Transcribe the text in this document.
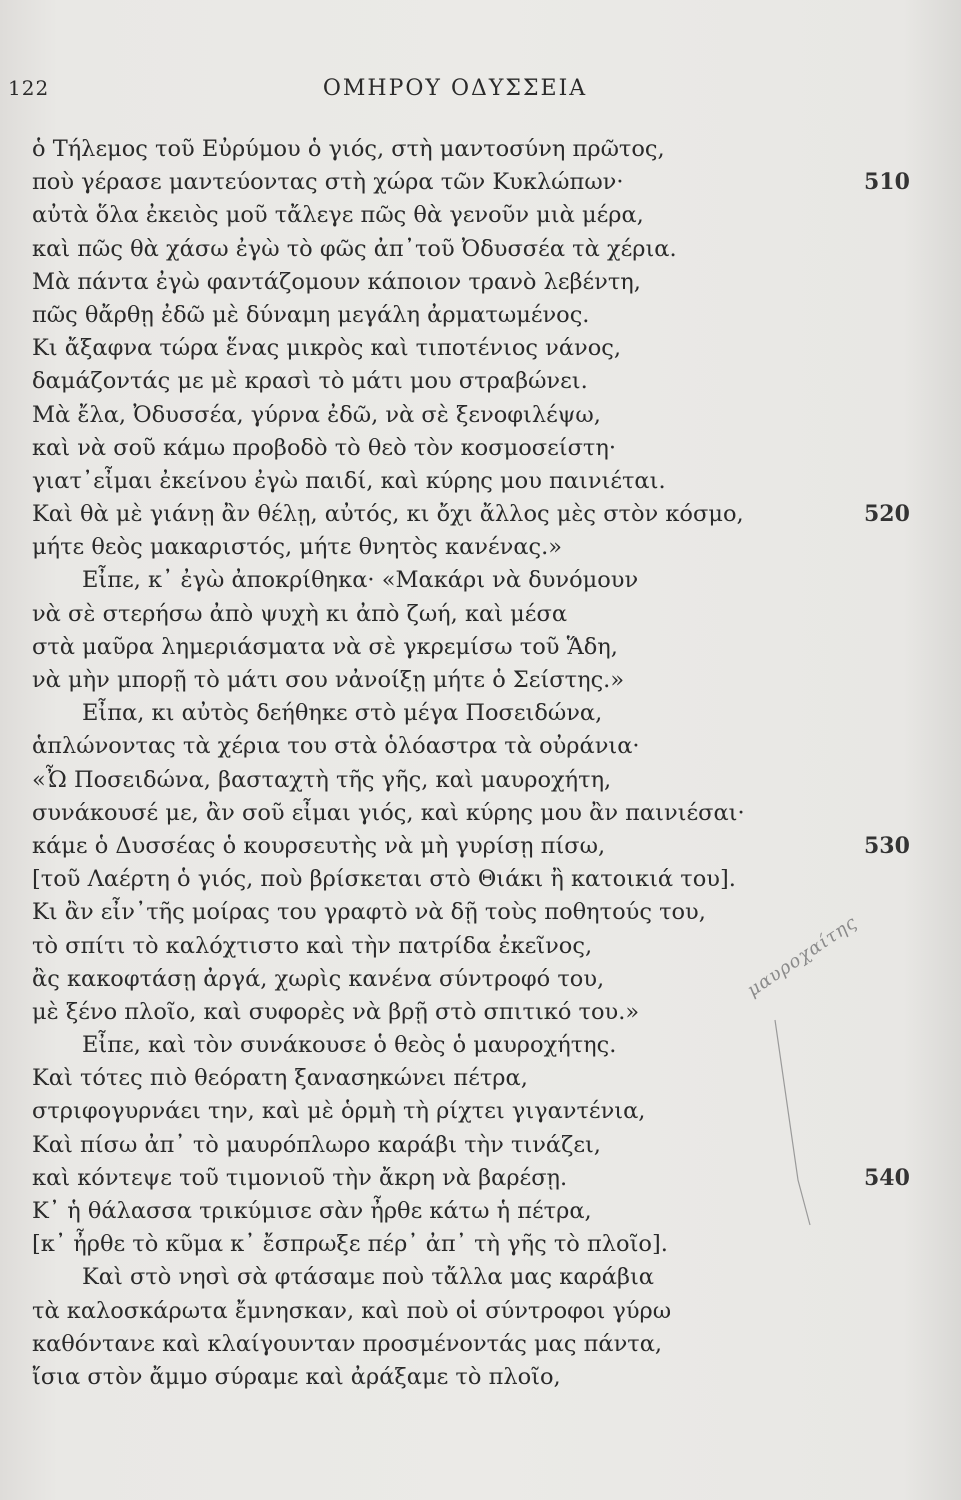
122	ΟΜΗΡΟΥ ΟΔΥΣΣΕΙΑ
ὁ Τήλεμος τοῦ Εὐρύμου ὁ γιός, στὴ μαντοσύνη πρῶτος,
ποὺ γέρασε μαντεύοντας στὴ χώρα τῶν Κυκλώπων·	510
αὐτὰ ὅλα ἐκειὸς μοῦ τἄλεγε πῶς θὰ γενοῦν μιὰ μέρα,
καὶ πῶς θὰ χάσω ἐγὼ τὸ φῶς ἀπ᾽τοῦ Ὀδυσσέα τὰ χέρια.
Μὰ πάντα ἐγὼ φαντάζομουν κάποιον τρανὸ λεβέντη,
πῶς θἄρθῃ ἐδῶ μὲ δύναμη μεγάλη ἀρματωμένος.
Κι ἄξαφνα τώρα ἕνας μικρὸς καὶ τιποτένιος νάνος,
δαμάζοντάς με μὲ κρασὶ τὸ μάτι μου στραβώνει.
Μὰ ἔλα, Ὀδυσσέα, γύρνα ἐδῶ, νὰ σὲ ξενοφιλέψω,
καὶ νὰ σοῦ κάμω προβοδὸ τὸ θεὸ τὸν κοσμοσείστη·
γιατ᾽εἶμαι ἐκείνου ἐγὼ παιδί, καὶ κύρης μου παινιέται.
Καὶ θὰ μὲ γιάνῃ ἂν θέλῃ, αὐτός, κι ὄχι ἄλλος μὲς στὸν κόσμο,	520
μήτε θεὸς μακαριστός, μήτε θνητὸς κανένας.»
Εἶπε, κ᾽ ἐγὼ ἀποκρίθηκα· «Μακάρι νὰ δυνόμουν
νὰ σὲ στερήσω ἀπὸ ψυχὴ κι ἀπὸ ζωή, καὶ μέσα
στὰ μαῦρα λημεριάσματα νὰ σὲ γκρεμίσω τοῦ Ἅδη,
νὰ μὴν μπορῇ τὸ μάτι σου νἀνοίξῃ μήτε ὁ Σείστης.»
Εἶπα, κι αὐτὸς δεήθηκε στὸ μέγα Ποσειδώνα,
ἁπλώνοντας τὰ χέρια του στὰ ὁλόαστρα τὰ οὐράνια·
«Ὦ Ποσειδώνα, βασταχτὴ τῆς γῆς, καὶ μαυροχήτη,
συνάκουσέ με, ἂν σοῦ εἶμαι γιός, καὶ κύρης μου ἂν παινιέσαι·
κάμε ὁ Δυσσέας ὁ κουρσευτὴς νὰ μὴ γυρίσῃ πίσω,	530
[τοῦ Λαέρτη ὁ γιός, ποὺ βρίσκεται στὸ Θιάκι ἢ κατοικιά του].
Κι ἂν εἶν᾽τῆς μοίρας του γραφτὸ νὰ δῇ τοὺς ποθητούς του,
τὸ σπίτι τὸ καλόχτιστο καὶ τὴν πατρίδα ἐκεῖνος,
ἂς κακοφτάσῃ ἀργά, χωρὶς κανένα σύντροφό του,
μὲ ξένο πλοῖο, καὶ συφορὲς νὰ βρῇ στὸ σπιτικό του.»
Εἶπε, καὶ τὸν συνάκουσε ὁ θεὸς ὁ μαυροχήτης.
Καὶ τότες πιὸ θεόρατη ξανασηκώνει πέτρα,
στριφογυρνάει την, καὶ μὲ ὁρμὴ τὴ ρίχτει γιγαντένια,
Καὶ πίσω ἀπ᾽ τὸ μαυρόπλωρο καράβι τὴν τινάζει,
καὶ κόντεψε τοῦ τιμονιοῦ τὴν ἄκρη νὰ βαρέσῃ.	540
Κ᾽ ἡ θάλασσα τρικύμισε σὰν ἦρθε κάτω ἡ πέτρα,
[κ᾽ ἦρθε τὸ κῦμα κ᾽ ἔσπρωξε πέρ᾽ ἀπ᾽ τὴ γῆς τὸ πλοῖο].
Καὶ στὸ νησὶ σὰ φτάσαμε ποὺ τἄλλα μας καράβια
τὰ καλοσκάρωτα ἔμνησκαν, καὶ ποὺ οἱ σύντροφοι γύρω
καθόντανε καὶ κλαίγουνταν προσμένοντάς μας πάντα,
ἴσια στὸν ἄμμο σύραμε καὶ ἀράξαμε τὸ πλοῖο,
μαυροχαίτης
